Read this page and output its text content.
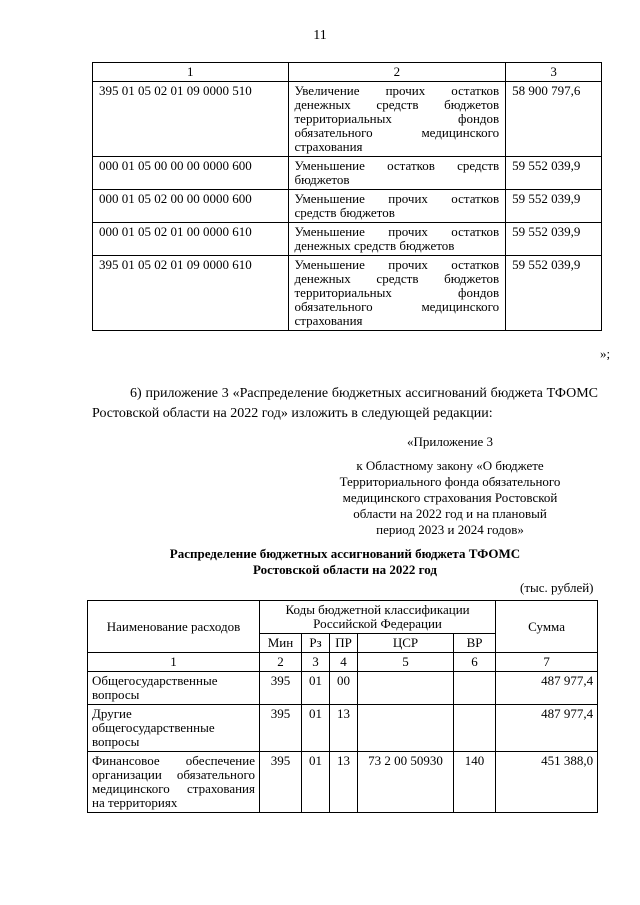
11
1	2	3
395 01 05 02 01 09 0000 510	Увеличение прочих остатков денежных средств бюджетов территориальных фондов обязательного медицинского страхования	58 900 797,6
000 01 05 00 00 00 0000 600	Уменьшение остатков средств бюджетов	59 552 039,9
000 01 05 02 00 00 0000 600	Уменьшение прочих остатков средств бюджетов	59 552 039,9
000 01 05 02 01 00 0000 610	Уменьшение прочих остатков денежных средств бюджетов	59 552 039,9
395 01 05 02 01 09 0000 610	Уменьшение прочих остатков денежных средств бюджетов территориальных фондов обязательного медицинского страхования	59 552 039,9
»;
6) приложение 3 «Распределение бюджетных ассигнований бюджета ТФОМС Ростовской области на 2022 год» изложить в следующей редакции:
«Приложение 3
к Областному закону «О бюджете
Территориального фонда обязательного
медицинского страхования Ростовской
области на 2022 год и на плановый
период 2023 и 2024 годов»
Распределение бюджетных ассигнований бюджета ТФОМС
Ростовской области на 2022 год
(тыс. рублей)
Наименование расходов	Коды бюджетной классификации Российской Федерации					Сумма
	Мин	Рз	ПР	ЦСР	ВР	
1	2	3	4	5	6	7
Общегосударственные вопросы	395	01	00			487 977,4
Другие общегосударственные вопросы	395	01	13			487 977,4
Финансовое обеспечение организации обязательного медицинского страхования на территориях	395	01	13	73 2 00 50930	140	451 388,0
